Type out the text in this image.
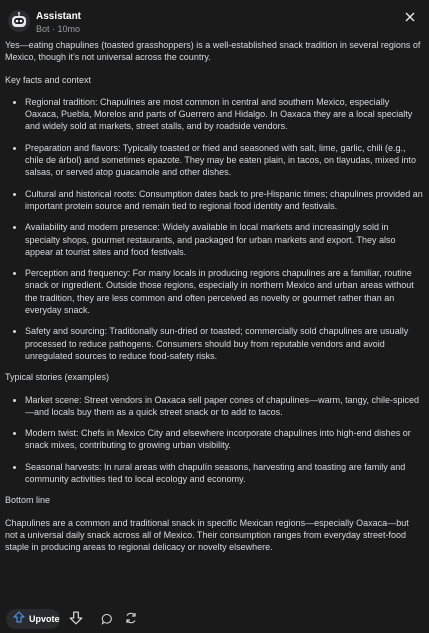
Assistant
Bot · 10mo

Yes—eating chapulines (toasted grasshoppers) is a well-established snack tradition in several regions of Mexico, though it's not universal across the country.

Key facts and context

• Regional tradition: Chapulines are most common in central and southern Mexico, especially Oaxaca, Puebla, Morelos and parts of Guerrero and Hidalgo. In Oaxaca they are a local specialty and widely sold at markets, street stalls, and by roadside vendors.
• Preparation and flavors: Typically toasted or fried and seasoned with salt, lime, garlic, chili (e.g., chile de árbol) and sometimes epazote. They may be eaten plain, in tacos, on tlayudas, mixed into salsas, or served atop guacamole and other dishes.
• Cultural and historical roots: Consumption dates back to pre-Hispanic times; chapulines provided an important protein source and remain tied to regional food identity and festivals.
• Availability and modern presence: Widely available in local markets and increasingly sold in specialty shops, gourmet restaurants, and packaged for urban markets and export. They also appear at tourist sites and food festivals.
• Perception and frequency: For many locals in producing regions chapulines are a familiar, routine snack or ingredient. Outside those regions, especially in northern Mexico and urban areas without the tradition, they are less common and often perceived as novelty or gourmet rather than an everyday snack.
• Safety and sourcing: Traditionally sun-dried or toasted; commercially sold chapulines are usually processed to reduce pathogens. Consumers should buy from reputable vendors and avoid unregulated sources to reduce food-safety risks.

Typical stories (examples)

• Market scene: Street vendors in Oaxaca sell paper cones of chapulines—warm, tangy, chile-spiced—and locals buy them as a quick street snack or to add to tacos.
• Modern twist: Chefs in Mexico City and elsewhere incorporate chapulines into high-end dishes or snack mixes, contributing to growing urban visibility.
• Seasonal harvests: In rural areas with chapulín seasons, harvesting and toasting are family and community activities tied to local ecology and economy.

Bottom line

Chapulines are a common and traditional snack in specific Mexican regions—especially Oaxaca—but not a universal daily snack across all of Mexico. Their consumption ranges from everyday street-food staple in producing areas to regional delicacy or novelty elsewhere.

Upvote
